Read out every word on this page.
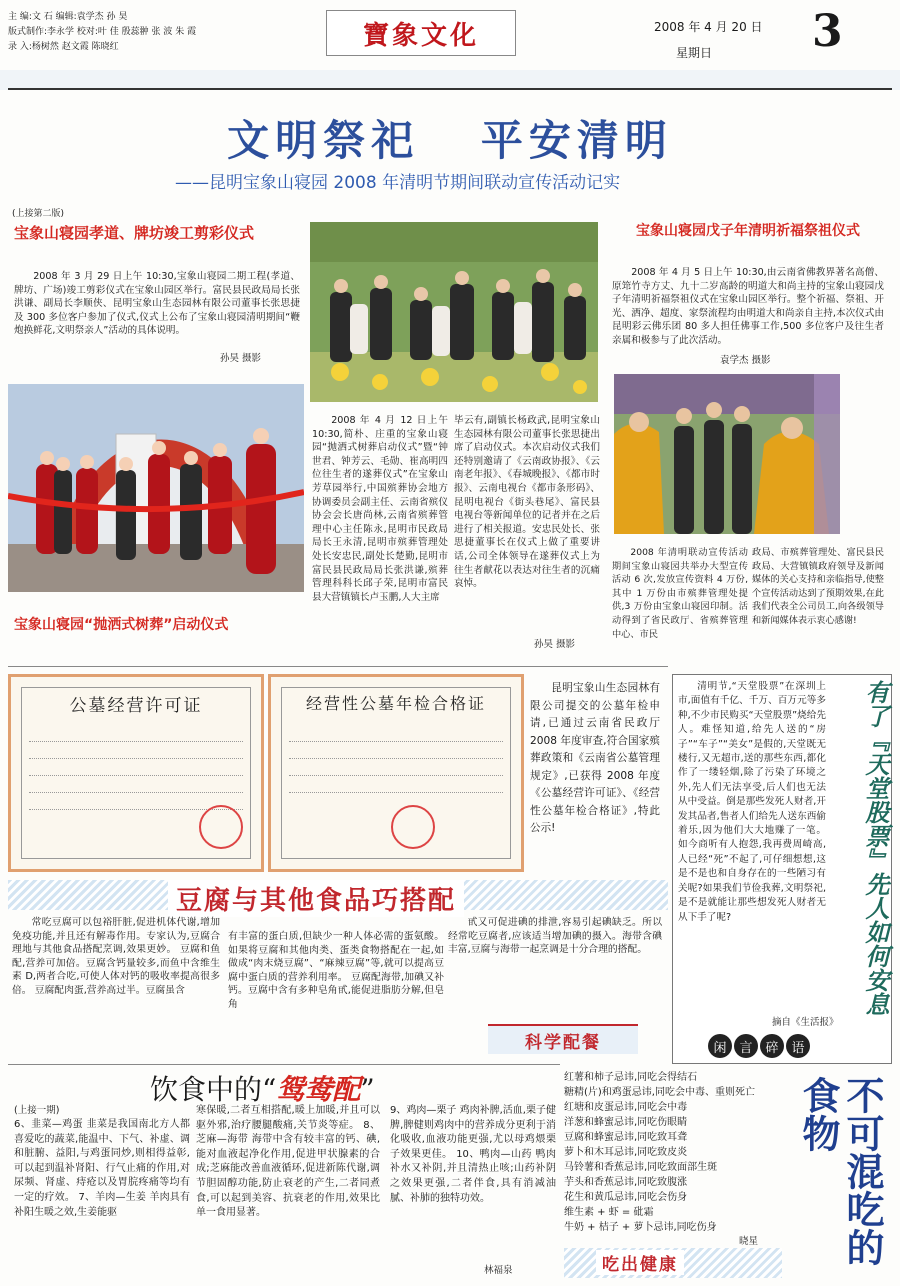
主 编:文 石 编辑:袁学杰 孙 昊
版式制作:李永学 校对:叶 佳 殷蕊翀 张 波 朱 霞
录 入:杨树然 赵文霞 陈晓红	寶象文化	2008 年 4 月 20 日
星期日 3
文明祭祀   平安清明
——昆明宝象山寝园 2008 年清明节期间联动宣传活动记实
(上接第二版)
宝象山寝园孝道、牌坊竣工剪彩仪式
2008 年 3 月 29 日上午 10:30,宝象山寝园二期工程(孝道、牌坊、广场)竣工剪彩仪式在宝象山园区举行。富民县民政局局长张洪谦、副局长李顺侠、昆明宝象山生态园林有限公司董事长张思捷及 300 多位客户参加了仪式,仪式上公布了宝象山寝园清明期间“鞭炮换鲜花,文明祭亲人”活动的具体说明。
孙昊 摄影
宝象山寝园“抛洒式树葬”启动仪式
2008 年 4 月 12 日上午 10:30,简朴、庄重的宝象山寝园“抛洒式树葬启动仪式”暨“钟世君、钟芳云、毛勋、崔高明四位往生者的遂葬仪式”在宝象山芳草园举行,中国殡葬协会地方协调委员会副主任、云南省殡仪协会会长唐尚林,云南省殡葬管理中心主任陈永,昆明市民政局局长王永清,昆明市殡葬管理处处长安忠民,副处长楚勤,昆明市富民县民政局局长张洪谦,殡葬管理科科长邱子荣,昆明市富民县大营镇镇长卢玉鹏,人大主席
毕云有,副镇长杨政武,昆明宝象山生态园林有限公司董事长张思捷出席了启动仪式。本次启动仪式我们还特别邀请了《云南政协报》、《云南老年报》、《春城晚报》、《都市时报》、云南电视台《都市条形码》、昆明电视台《街头巷尾》、富民县电视台等新闻单位的记者并在之后进行了相关报道。安忠民处长、张思捷董事长在仪式上做了重要讲话,公司全体领导在遂葬仪式上为往生者献花以表达对往生者的沉痛哀悼。
孙昊 摄影
宝象山寝园戊子年清明祈福祭祖仪式
2008 年 4 月 5 日上午 10:30,由云南省佛教界著名高僧、原筇竹寺方丈、九十二岁高龄的明道大和尚主持的宝象山寝园戊子年清明祈福祭祖仪式在宝象山园区举行。整个祈福、祭祖、开光、洒净、超度、家祭流程均由明道大和尚亲自主持,本次仪式由昆明彩云佛乐团 80 多人担任佛事工作,500 多位客户及往生者亲属和极参与了此次活动。
袁学杰 摄影
2008 年清明联动宣传活动期间宝象山寝园共举办大型宣传活动 6 次,发放宣传资料 4 万份,其中 1 万份由市殡葬管理处提供,3 万份由宝象山寝园印制。活动得到了省民政厅、省殡葬管理中心、市民
政局、市殡葬管理处、富民县民政局、大营镇镇政府领导及新闻媒体的关心支持和亲临指导,使整个宣传活动达到了预期效果,在此我们代表全公司员工,向各级领导和新闻媒体表示衷心感谢!
公墓经营许可证	经营性公墓年检合格证
昆明宝象山生态园林有限公司提交的公墓年检申请,已通过云南省民政厅 2008 年度审查,符合国家殡葬政策和《云南省公墓管理规定》,已获得 2008 年度《公墓经营许可证》、《经营性公墓年检合格证》,特此公示!
豆腐与其他食品巧搭配
常吃豆腐可以包裕肝脏,促进机体代谢,增加免疫功能,并且还有解毒作用。专家认为,豆腐合理地与其他食品搭配烹调,效果更妙。 豆腐和鱼配,营养可加倍。豆腐含钙量较多,而鱼中含维生素 D,两者合吃,可使人体对钙的吸收率提高很多倍。 豆腐配肉蛋,营养高过半。豆腐虽含
有丰富的蛋白质,但缺少一种人体必需的蛋氨酸。如果将豆腐和其他肉类、蛋类食物搭配在一起,如做成“肉末烧豆腐”、“麻辣豆腐”等,就可以提高豆腐中蛋白质的营养利用率。 豆腐配海带,加碘又补钙。豆腐中含有多种皂角甙,能促进脂肪分解,但皂角
甙又可促进碘的排泄,容易引起碘缺乏。所以经常吃豆腐者,应该适当增加碘的摄入。海带含碘丰富,豆腐与海带一起烹调是十分合理的搭配。
科学配餐
清明节,“天堂股票”在深圳上市,面值有千亿、千万、百万元等多种,不少市民购买“天堂股票”烧给先人。难怪知道,给先人送的“房子”“车子”“美女”是假的,天堂既无楼行,又无超市,送的那些东西,都化作了一缕轻烟,除了污染了环境之外,先人们无法享受,后人们也无法从中受益。倒是那些发死人财者,开发其品者,售者人们给先人送东西偷着乐,因为他们大大地赚了一笔。 如今商听有人抱怨,我再费周崎高,人已经“死”不起了,可仔细想想,这是不是也和自身存在的一些陋习有关呢?如果我们节俭我葬,文明祭祀,是不是就能让那些想发死人财者无从下手了呢?
摘自《生活报》
有了『天堂股票』先人如何安息
闲 言 碎 语
饮食中的“鸳鸯配”
(上接一期)
6、韭菜—鸡蛋 韭菜是我国南北方人都喜爱吃的蔬菜,能温中、下气、补虚、调和脏腑、益阳,与鸡蛋同炒,则相得益彰,可以起到温补肾阳、行气止痛的作用,对尿频、肾虚、痔疮以及胃脘疼痛等均有一定的疗效。 7、羊肉—生姜 羊肉具有补阳生暖之效,生姜能驱
寒保暖,二者互相搭配,暖上加暖,并且可以驱外邪,治疗腰腿酸痛,关节炎等症。 8、芝麻—海带 海带中含有较丰富的钙、碘,能对血液起净化作用,促进甲状腺素的合成;芝麻能改善血液循环,促进新陈代谢,调节胆固醇功能,防止衰老的产生,二者同煮食,可以起到美容、抗衰老的作用,效果比单一食用显著。
9、鸡肉—栗子 鸡肉补脾,活血,栗子健脾,脾健则鸡肉中的营养成分更利于消化吸收,血液功能更强,尤以母鸡煨栗子效果更佳。 10、鸭肉—山药 鸭肉补水又补阴,并且清热止咳;山药补阴之效果更强,二者伴食,具有消减油腻、补肺的独特功效。
林福泉
红薯和柿子忌讳,同吃会得结石
糖精(片)和鸡蛋忌讳,同吃会中毒、重则死亡
红塘和皮蛋忌讳,同吃会中毒
洋葱和蜂蜜忌讳,同吃伤眼睛
豆腐和蜂蜜忌讳,同吃致耳聋
萝卜和木耳忌讳,同吃致皮炎
马铃薯和香蕉忌讳,同吃致面部生斑
芋头和香蕉忌讳,同吃致腹涨
花生和黄瓜忌讳,同吃会伤身
维生素 + 虾 = 砒霜
牛奶 + 桔子 + 萝卜忌讳,同吃伤身
晓星
吃出健康	不可混吃的食物
